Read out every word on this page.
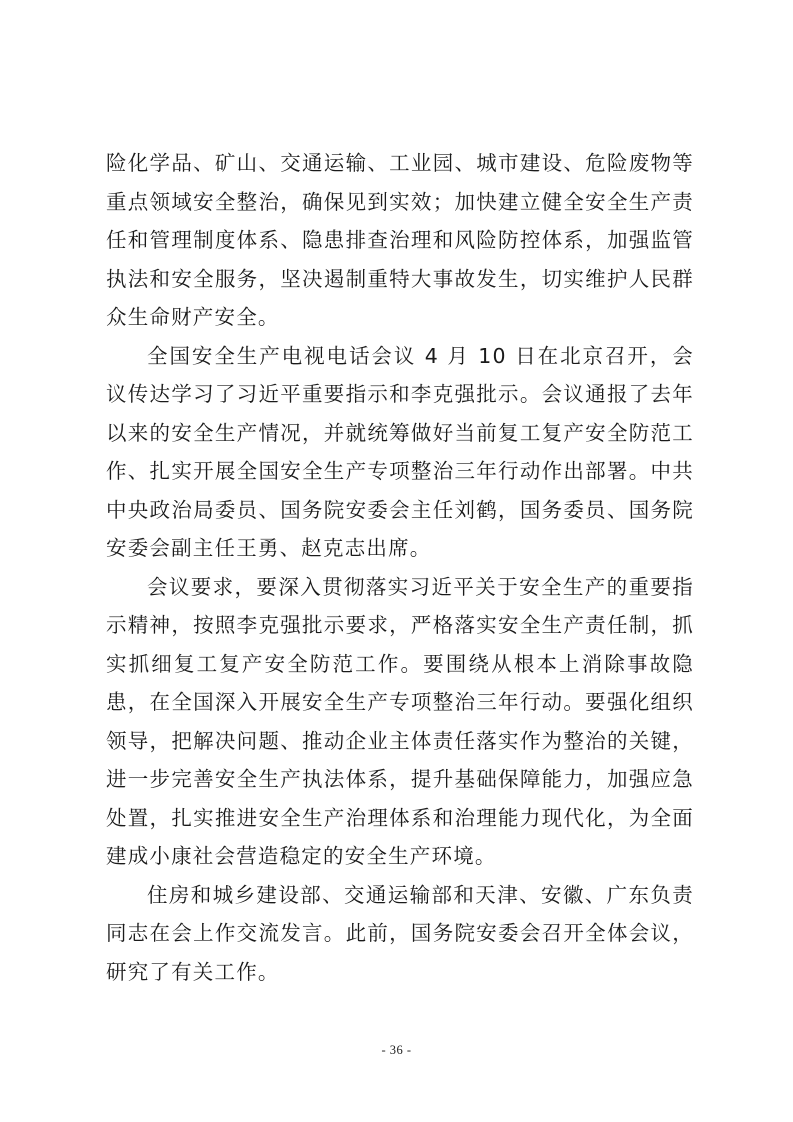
险化学品、矿山、交通运输、工业园、城市建设、危险废物等重点领域安全整治，确保见到实效；加快建立健全安全生产责任和管理制度体系、隐患排查治理和风险防控体系，加强监管执法和安全服务，坚决遏制重特大事故发生，切实维护人民群众生命财产安全。

全国安全生产电视电话会议 4 月 10 日在北京召开，会议传达学习了习近平重要指示和李克强批示。会议通报了去年以来的安全生产情况，并就统筹做好当前复工复产安全防范工作、扎实开展全国安全生产专项整治三年行动作出部署。中共中央政治局委员、国务院安委会主任刘鹤，国务委员、国务院安委会副主任王勇、赵克志出席。

会议要求，要深入贯彻落实习近平关于安全生产的重要指示精神，按照李克强批示要求，严格落实安全生产责任制，抓实抓细复工复产安全防范工作。要围绕从根本上消除事故隐患，在全国深入开展安全生产专项整治三年行动。要强化组织领导，把解决问题、推动企业主体责任落实作为整治的关键，进一步完善安全生产执法体系，提升基础保障能力，加强应急处置，扎实推进安全生产治理体系和治理能力现代化，为全面建成小康社会营造稳定的安全生产环境。

住房和城乡建设部、交通运输部和天津、安徽、广东负责同志在会上作交流发言。此前，国务院安委会召开全体会议，研究了有关工作。

- 36 -
